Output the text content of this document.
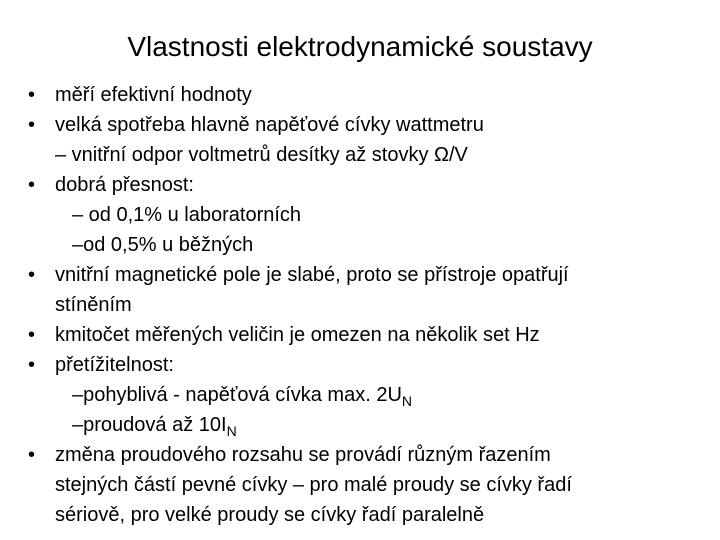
Vlastnosti elektrodynamické soustavy
• měří efektivní hodnoty
• velká spotřeba hlavně napěťové cívky wattmetru
– vnitřní odpor voltmetrů desítky až stovky Ω/V
• dobrá přesnost:
– od 0,1% u laboratorních
–od 0,5% u běžných
• vnitřní magnetické pole je slabé, proto se přístroje opatřují
stíněním
• kmitočet měřených veličin je omezen na několik set Hz
• přetížitelnost:
–pohyblivá - napěťová cívka max. $2U_N$
–proudová až $10I_N$
• změna proudového rozsahu se provádí různým řazením
stejných částí pevné cívky – pro malé proudy se cívky řadí
sériově, pro velké proudy se cívky řadí paralelně
